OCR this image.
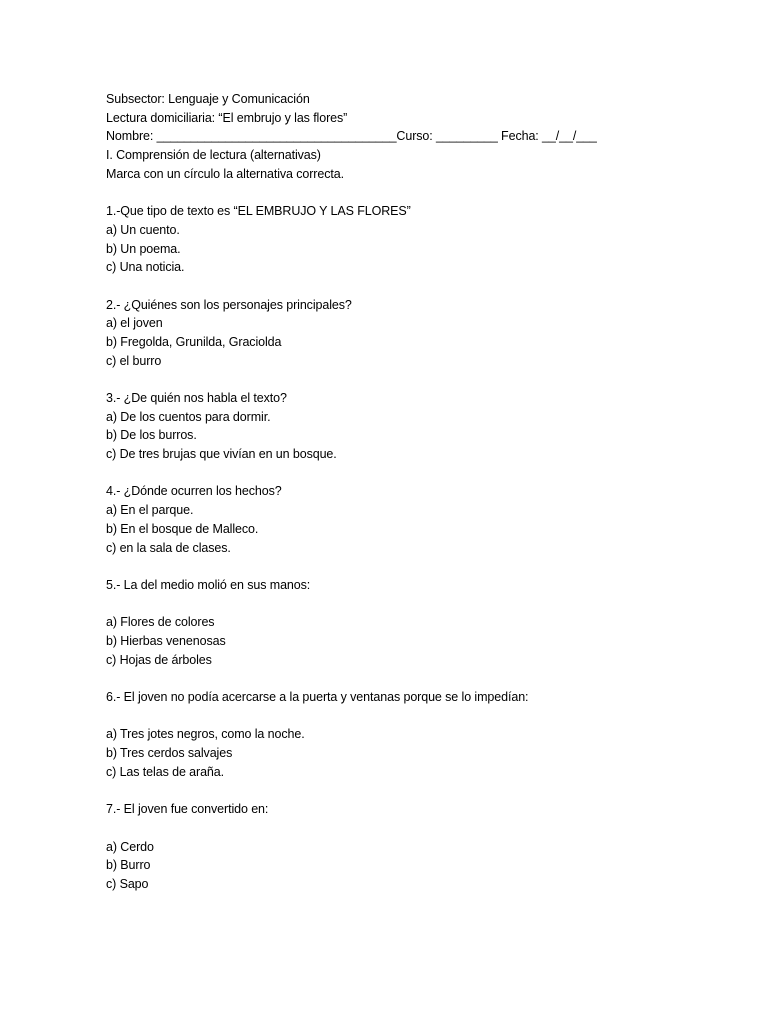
Subsector: Lenguaje y Comunicación
Lectura domiciliaria: “El embrujo y las flores”
Nombre: ___________________________________Curso: _________ Fecha: __/__/___
I. Comprensión de lectura (alternativas)
Marca con un círculo la alternativa correcta.
1.-Que tipo de texto es “EL EMBRUJO Y LAS FLORES”
a) Un cuento.
b) Un poema.
c) Una noticia.
2.- ¿Quiénes son los personajes principales?
a) el joven
b) Fregolda, Grunilda, Graciolda
c) el burro
3.- ¿De quién nos habla el texto?
a) De los cuentos para dormir.
b) De los burros.
c) De tres brujas que vivían en un bosque.
4.- ¿Dónde ocurren los hechos?
a) En el parque.
b) En el bosque de Malleco.
c) en la sala de clases.
5.- La del medio molió en sus manos:
a) Flores de colores
b) Hierbas venenosas
c) Hojas de árboles
6.- El joven no podía acercarse a la puerta y ventanas porque se lo impedían:
a) Tres jotes negros, como la noche.
b) Tres cerdos salvajes
c) Las telas de araña.
7.- El joven fue convertido en:
a) Cerdo
b) Burro
c) Sapo
